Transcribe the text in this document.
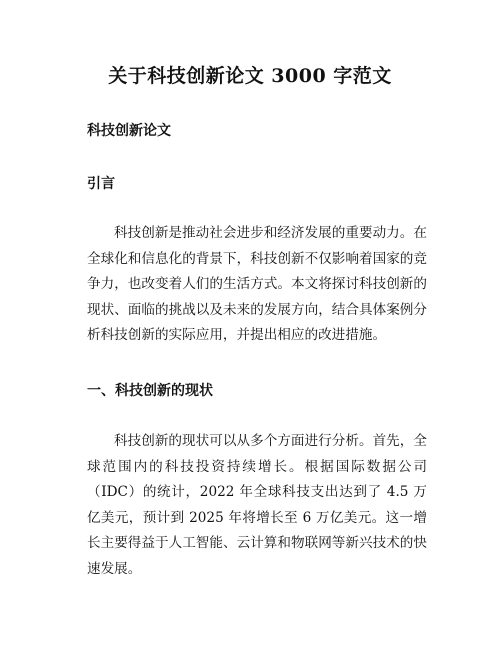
关于科技创新论文 3000 字范文
科技创新论文
引言

科技创新是推动社会进步和经济发展的重要动力。在全球化和信息化的背景下，科技创新不仅影响着国家的竞争力，也改变着人们的生活方式。本文将探讨科技创新的现状、面临的挑战以及未来的发展方向，结合具体案例分析科技创新的实际应用，并提出相应的改进措施。

一、科技创新的现状

科技创新的现状可以从多个方面进行分析。首先，全球范围内的科技投资持续增长。根据国际数据公司（IDC）的统计，2022 年全球科技支出达到了 4.5 万亿美元，预计到 2025 年将增长至 6 万亿美元。这一增长主要得益于人工智能、云计算和物联网等新兴技术的快速发展。
